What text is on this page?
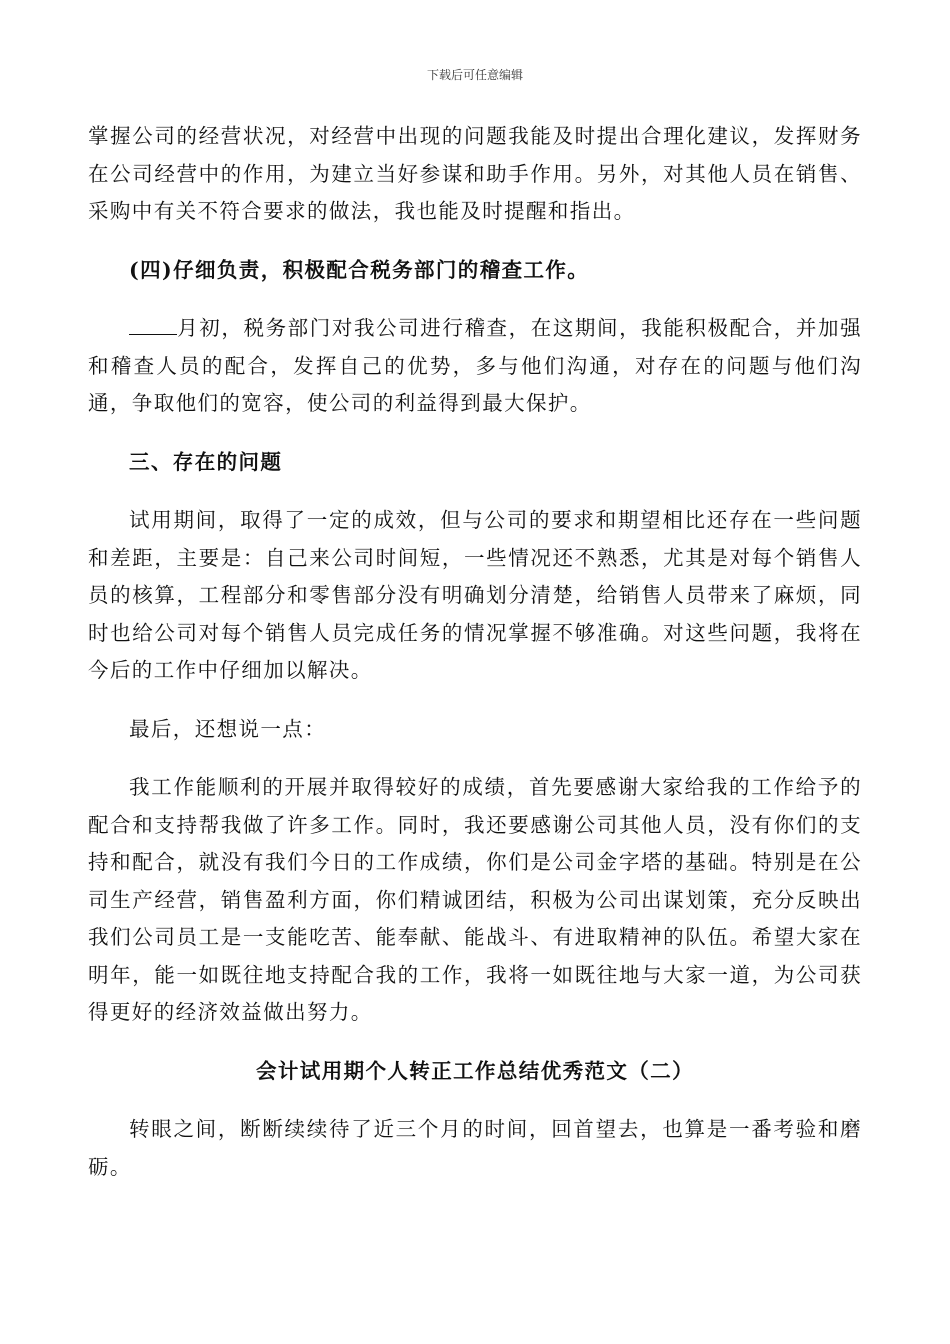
下载后可任意编辑

掌握公司的经营状况，对经营中出现的问题我能及时提出合理化建议，发挥财务在公司经营中的作用，为建立当好参谋和助手作用。另外，对其他人员在销售、采购中有关不符合要求的做法，我也能及时提醒和指出。

(四)仔细负责，积极配合税务部门的稽查工作。

月初，税务部门对我公司进行稽查，在这期间，我能积极配合，并加强和稽查人员的配合，发挥自己的优势，多与他们沟通，对存在的问题与他们沟通，争取他们的宽容，使公司的利益得到最大保护。

三、存在的问题

试用期间，取得了一定的成效，但与公司的要求和期望相比还存在一些问题和差距，主要是：自己来公司时间短，一些情况还不熟悉，尤其是对每个销售人员的核算，工程部分和零售部分没有明确划分清楚，给销售人员带来了麻烦，同时也给公司对每个销售人员完成任务的情况掌握不够准确。对这些问题，我将在今后的工作中仔细加以解决。

最后，还想说一点：

我工作能顺利的开展并取得较好的成绩，首先要感谢大家给我的工作给予的配合和支持帮我做了许多工作。同时，我还要感谢公司其他人员，没有你们的支持和配合，就没有我们今日的工作成绩，你们是公司金字塔的基础。特别是在公司生产经营，销售盈利方面，你们精诚团结，积极为公司出谋划策，充分反映出我们公司员工是一支能吃苦、能奉献、能战斗、有进取精神的队伍。希望大家在明年，能一如既往地支持配合我的工作，我将一如既往地与大家一道，为公司获得更好的经济效益做出努力。

会计试用期个人转正工作总结优秀范文（二）

转眼之间，断断续续待了近三个月的时间，回首望去，也算是一番考验和磨砺。
